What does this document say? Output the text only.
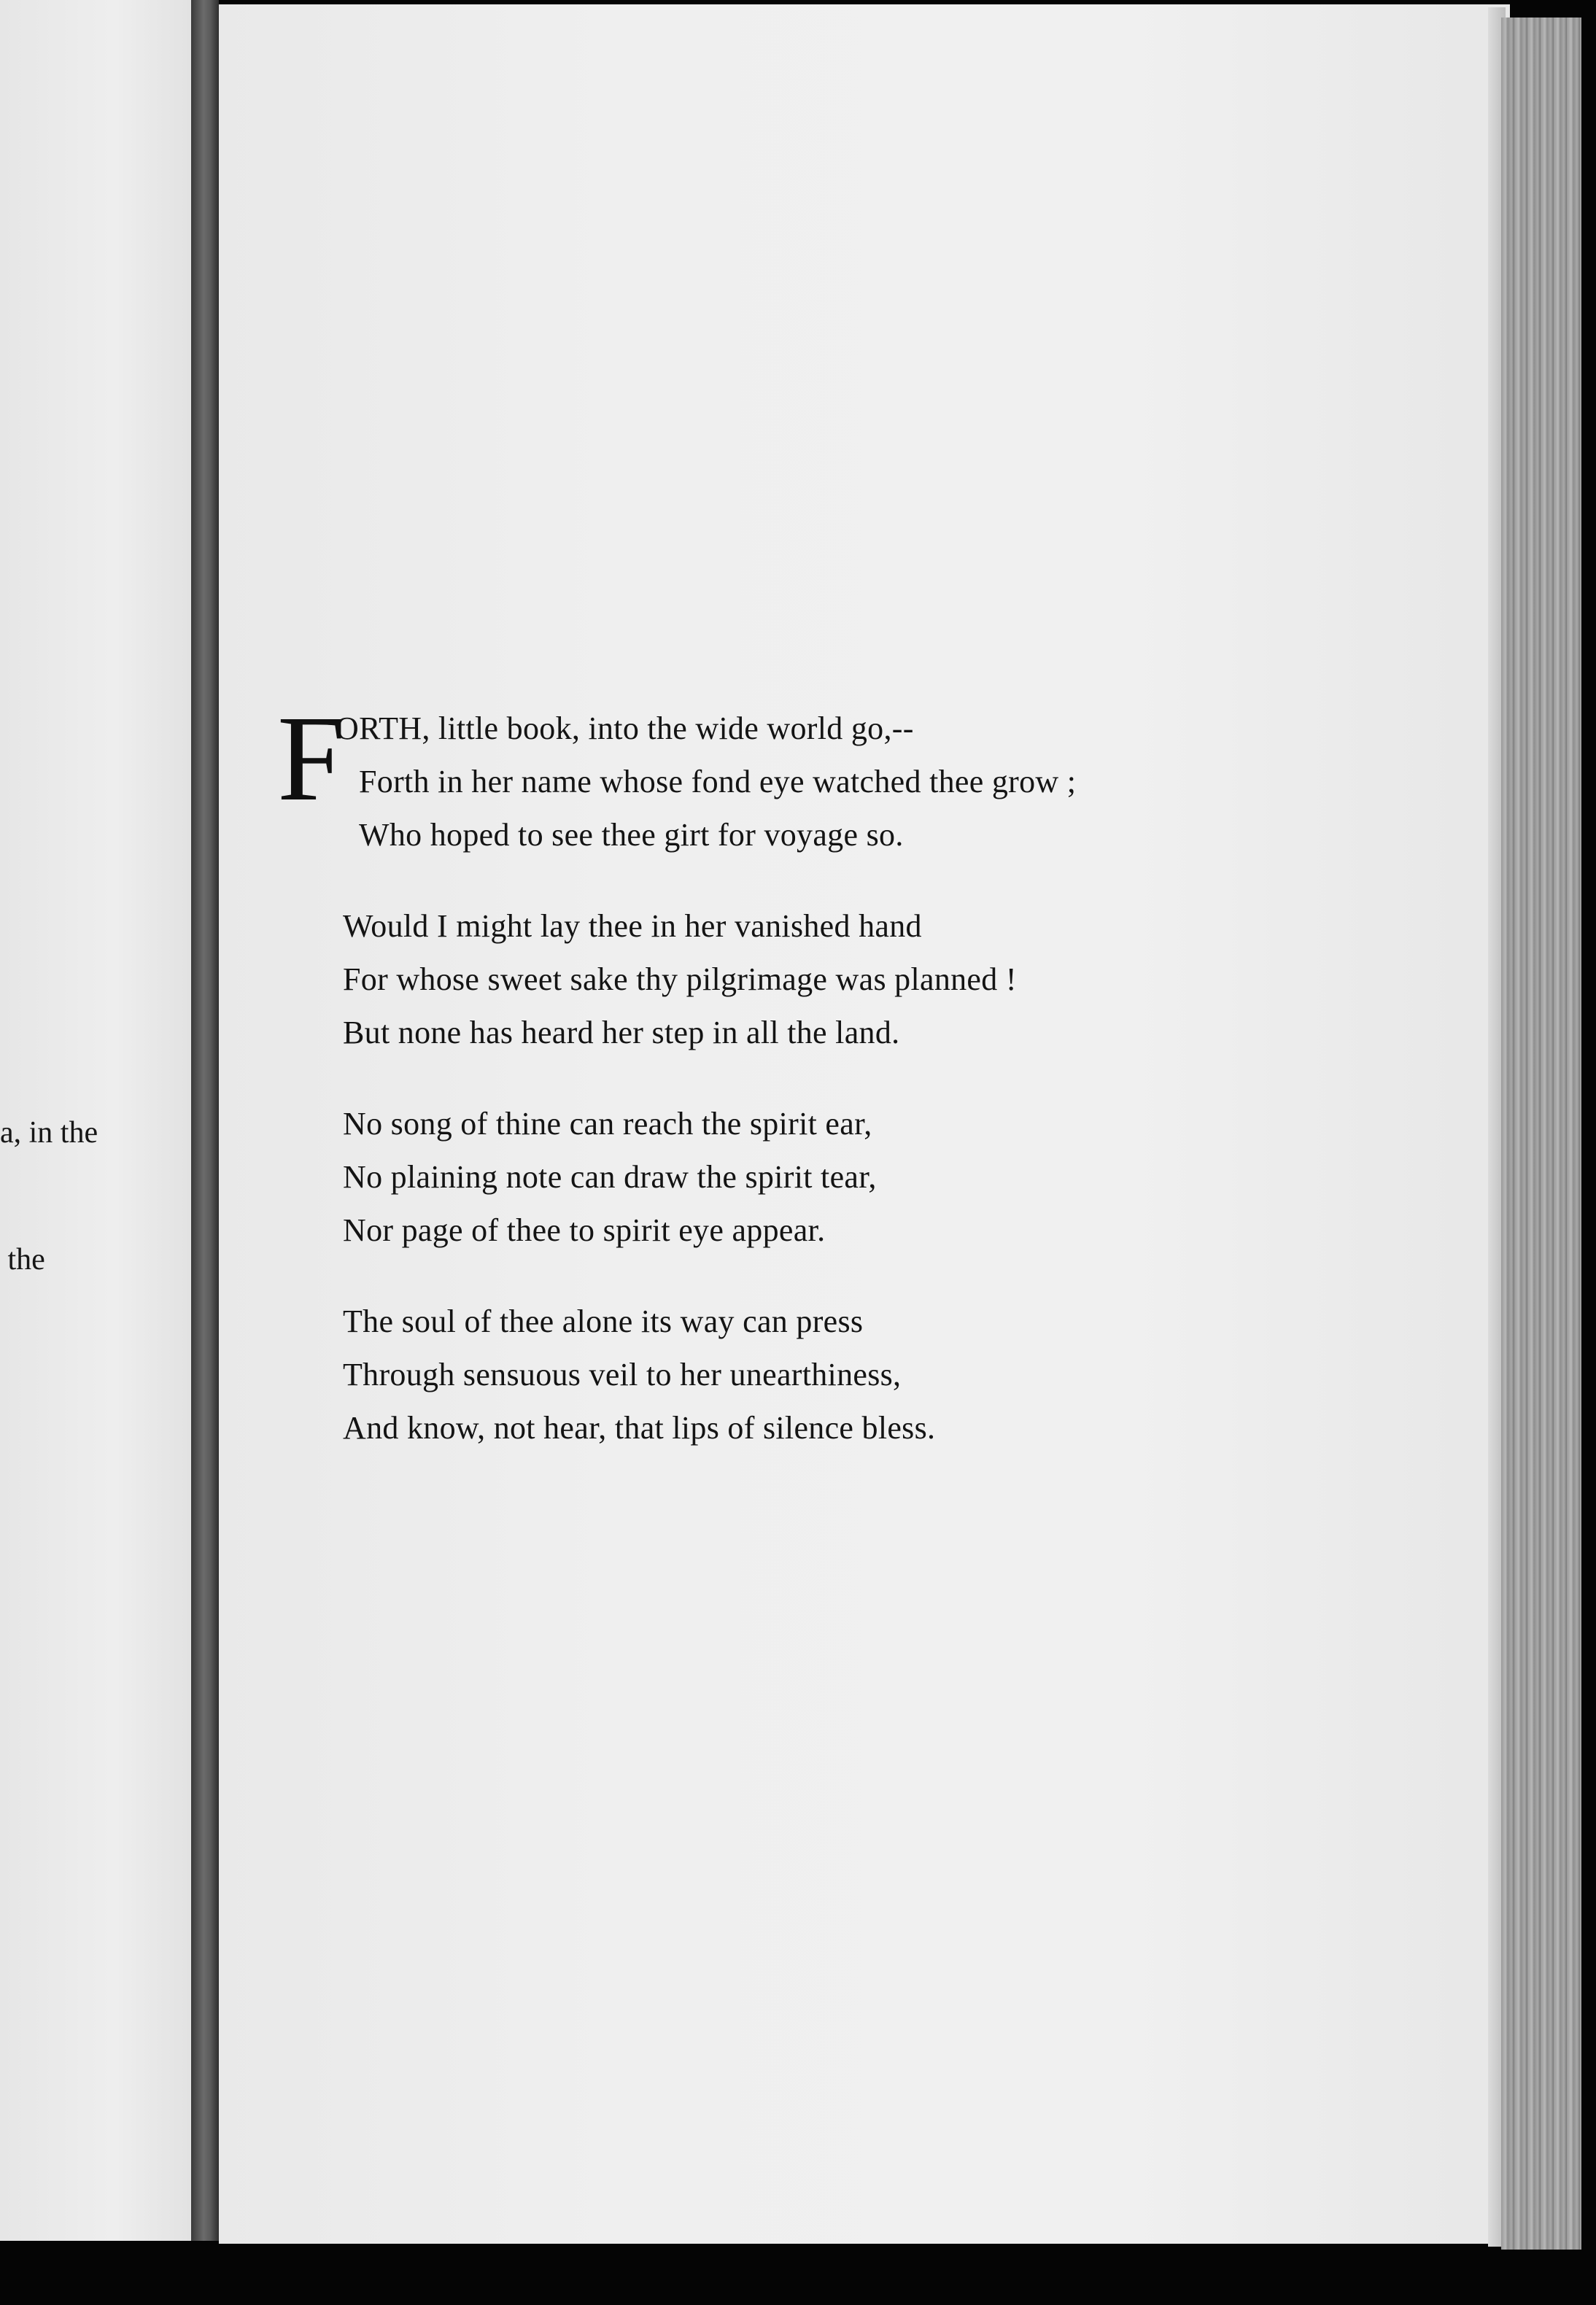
a, in the

the

F
ORTH, little book, into the wide world go,--
Forth in her name whose fond eye watched thee grow ;
Who hoped to see thee girt for voyage so.
Would I might lay thee in her vanished hand
For whose sweet sake thy pilgrimage was planned !
But none has heard her step in all the land.
No song of thine can reach the spirit ear,
No plaining note can draw the spirit tear,
Nor page of thee to spirit eye appear.
The soul of thee alone its way can press
Through sensuous veil to her unearthiness,
And know, not hear, that lips of silence bless.
